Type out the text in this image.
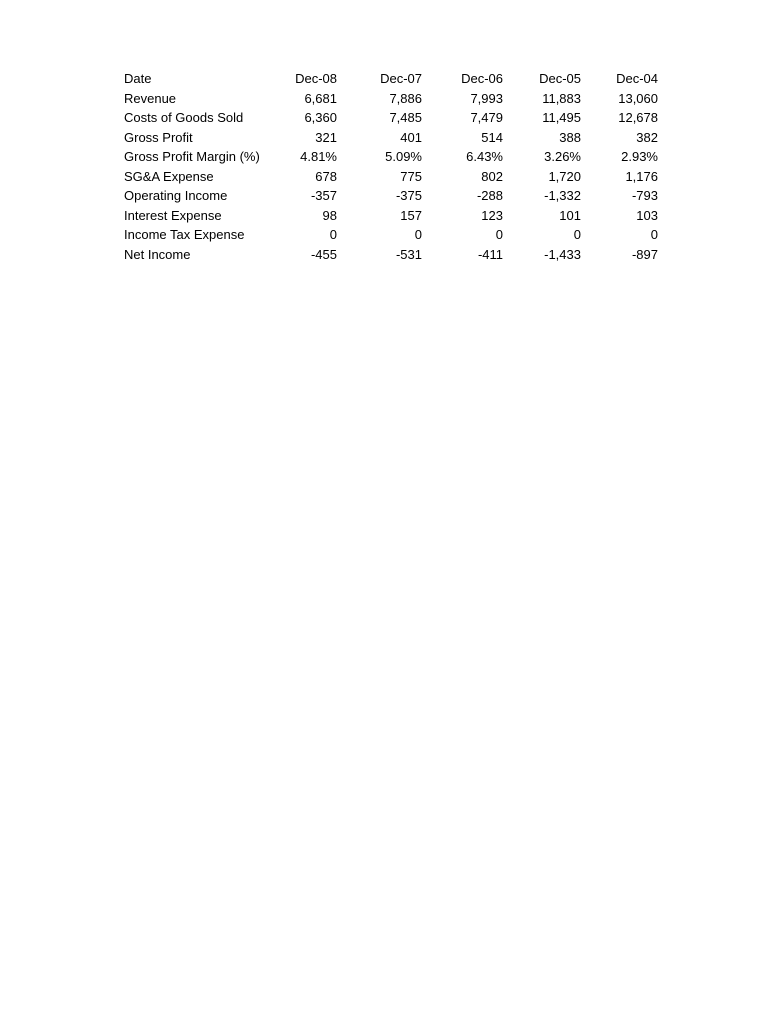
Date	Dec-08	Dec-07	Dec-06	Dec-05	Dec-04
Revenue	6,681	7,886	7,993	11,883	13,060
Costs of Goods Sold	6,360	7,485	7,479	11,495	12,678
Gross Profit	321	401	514	388	382
Gross Profit Margin (%)	4.81%	5.09%	6.43%	3.26%	2.93%
SG&A Expense	678	775	802	1,720	1,176
Operating Income	-357	-375	-288	-1,332	-793
Interest Expense	98	157	123	101	103
Income Tax Expense	0	0	0	0	0
Net Income	-455	-531	-411	-1,433	-897
